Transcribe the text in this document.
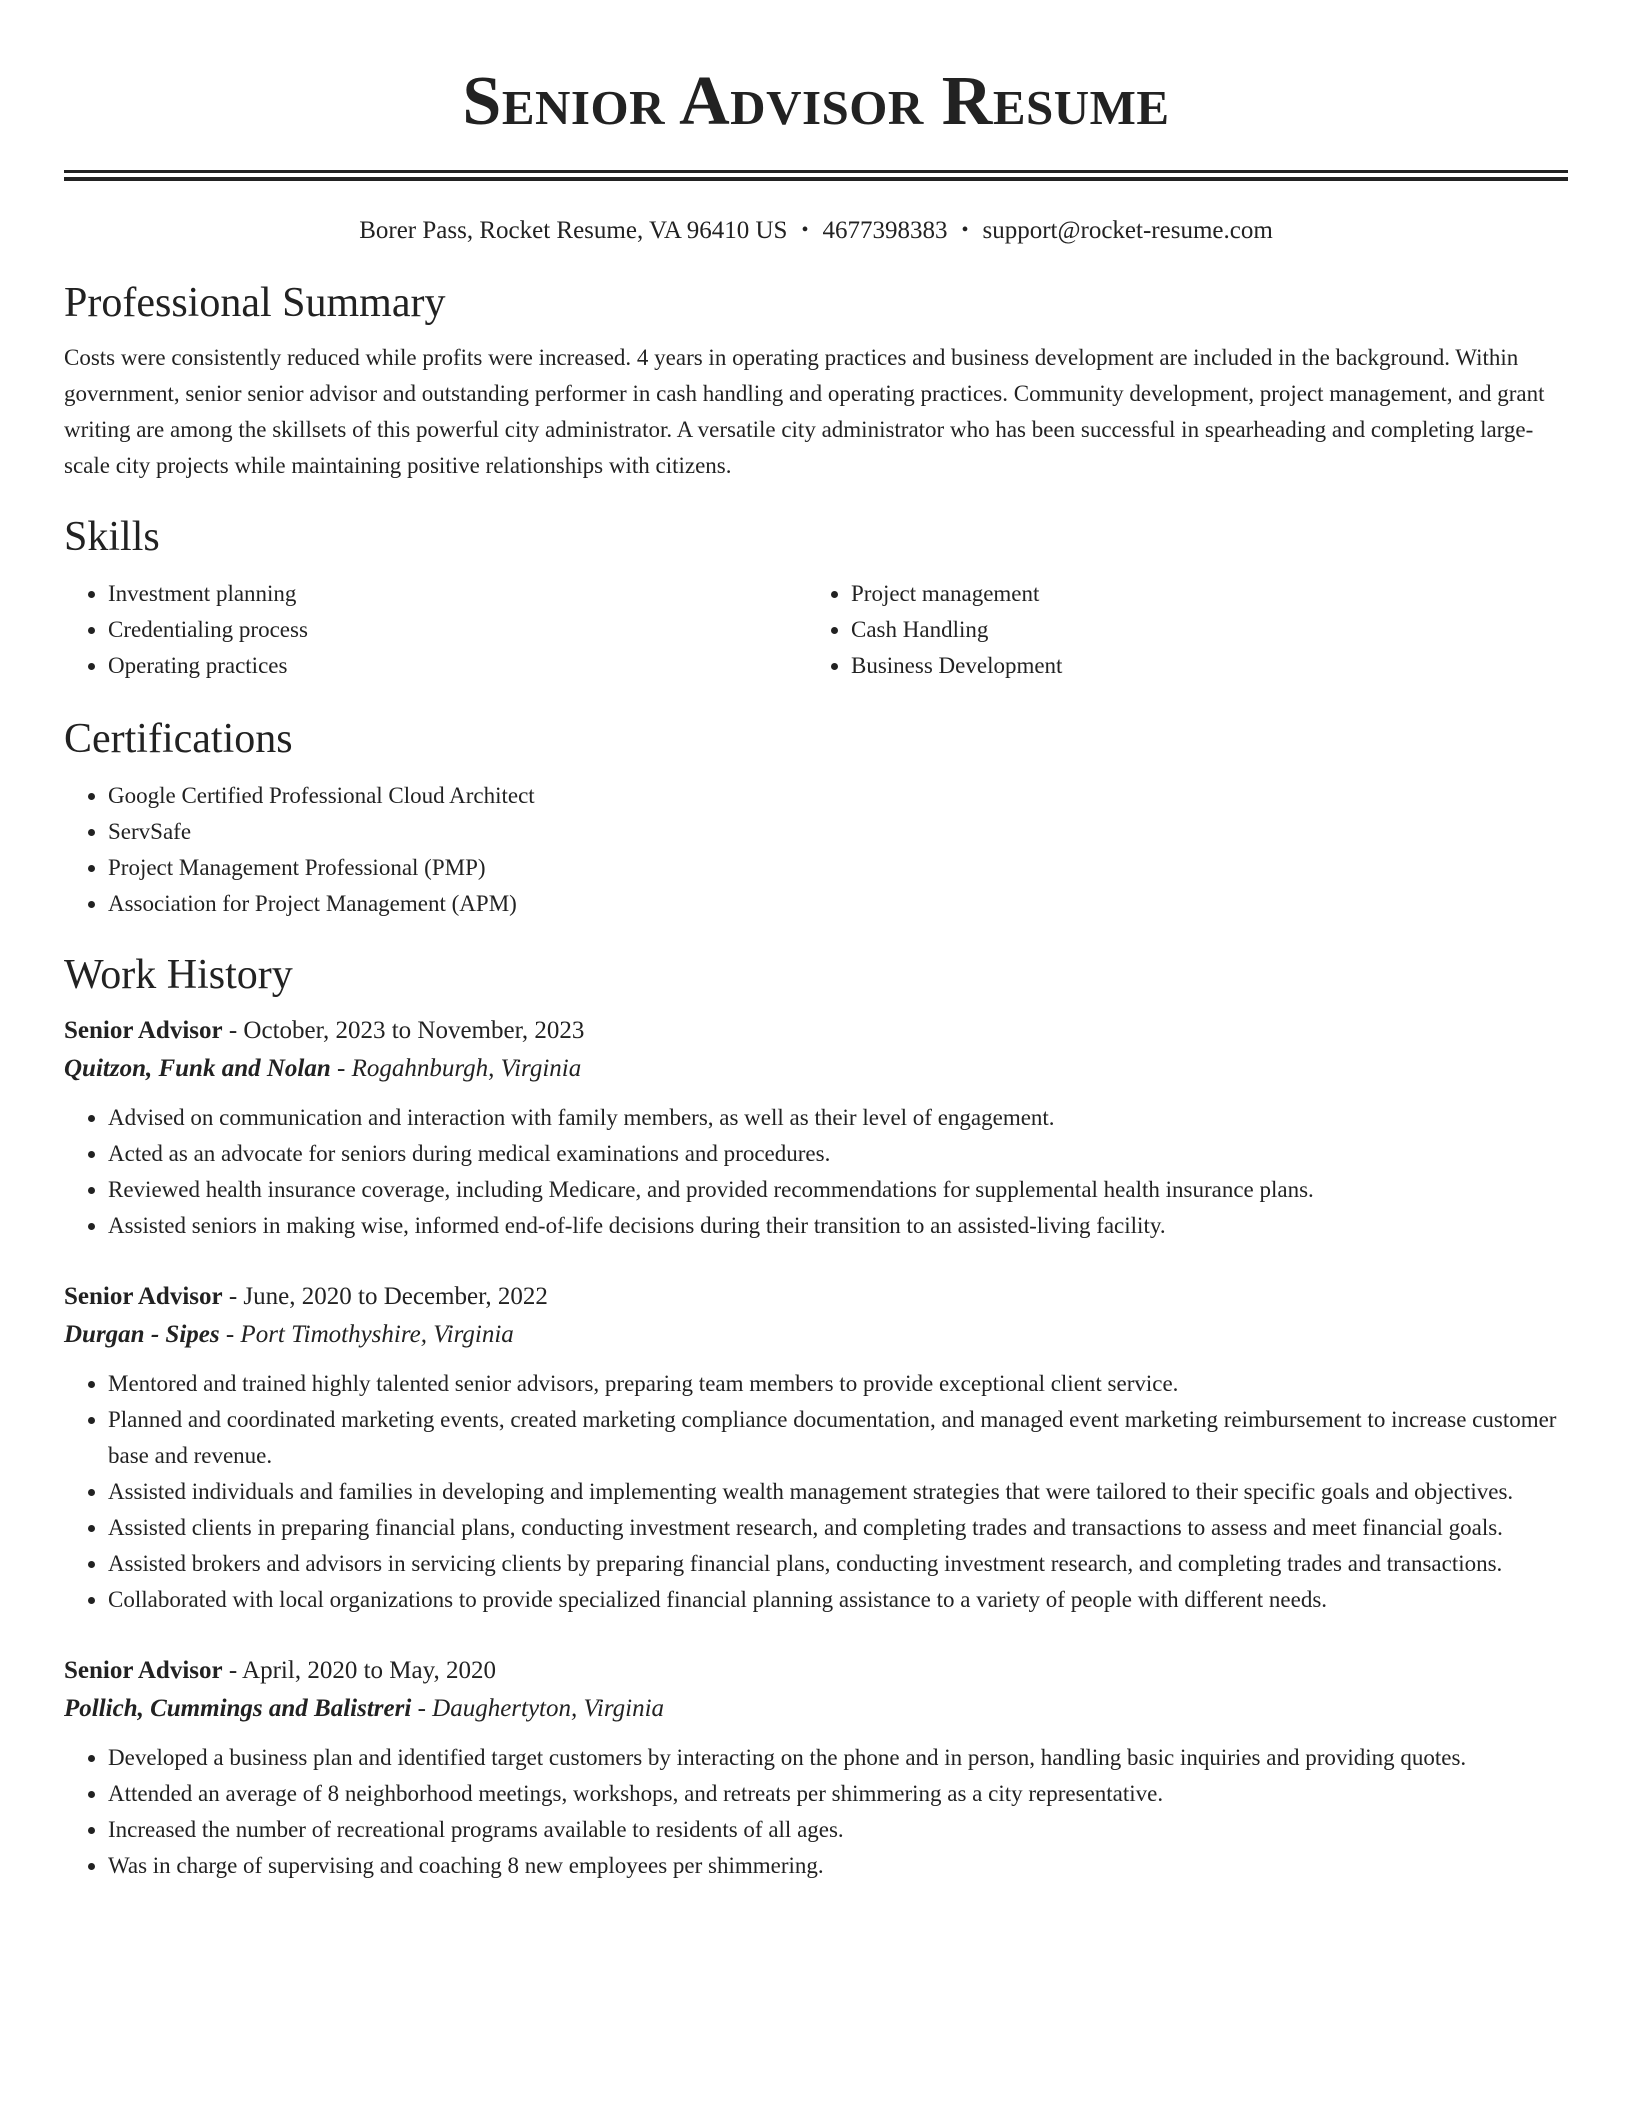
Senior Advisor Resume
Borer Pass, Rocket Resume, VA 96410 US • 4677398383 • support@rocket-resume.com
Professional Summary

Costs were consistently reduced while profits were increased. 4 years in operating practices and business development are included in the background. Within government, senior senior advisor and outstanding performer in cash handling and operating practices. Community development, project management, and grant writing are among the skillsets of this powerful city administrator. A versatile city administrator who has been successful in spearheading and completing large-scale city projects while maintaining positive relationships with citizens.

Skills
• Investment planning
• Credentialing process
• Operating practices
• Project management
• Cash Handling
• Business Development
Certifications
• Google Certified Professional Cloud Architect
• ServSafe
• Project Management Professional (PMP)
• Association for Project Management (APM)
Work History
Senior Advisor - October, 2023 to November, 2023
Quitzon, Funk and Nolan - Rogahnburgh, Virginia
• Advised on communication and interaction with family members, as well as their level of engagement.
• Acted as an advocate for seniors during medical examinations and procedures.
• Reviewed health insurance coverage, including Medicare, and provided recommendations for supplemental health insurance plans.
• Assisted seniors in making wise, informed end-of-life decisions during their transition to an assisted-living facility.
Senior Advisor - June, 2020 to December, 2022
Durgan - Sipes - Port Timothyshire, Virginia
• Mentored and trained highly talented senior advisors, preparing team members to provide exceptional client service.
• Planned and coordinated marketing events, created marketing compliance documentation, and managed event marketing reimbursement to increase customer base and revenue.
• Assisted individuals and families in developing and implementing wealth management strategies that were tailored to their specific goals and objectives.
• Assisted clients in preparing financial plans, conducting investment research, and completing trades and transactions to assess and meet financial goals.
• Assisted brokers and advisors in servicing clients by preparing financial plans, conducting investment research, and completing trades and transactions.
• Collaborated with local organizations to provide specialized financial planning assistance to a variety of people with different needs.
Senior Advisor - April, 2020 to May, 2020
Pollich, Cummings and Balistreri - Daughertyton, Virginia
• Developed a business plan and identified target customers by interacting on the phone and in person, handling basic inquiries and providing quotes.
• Attended an average of 8 neighborhood meetings, workshops, and retreats per shimmering as a city representative.
• Increased the number of recreational programs available to residents of all ages.
• Was in charge of supervising and coaching 8 new employees per shimmering.
